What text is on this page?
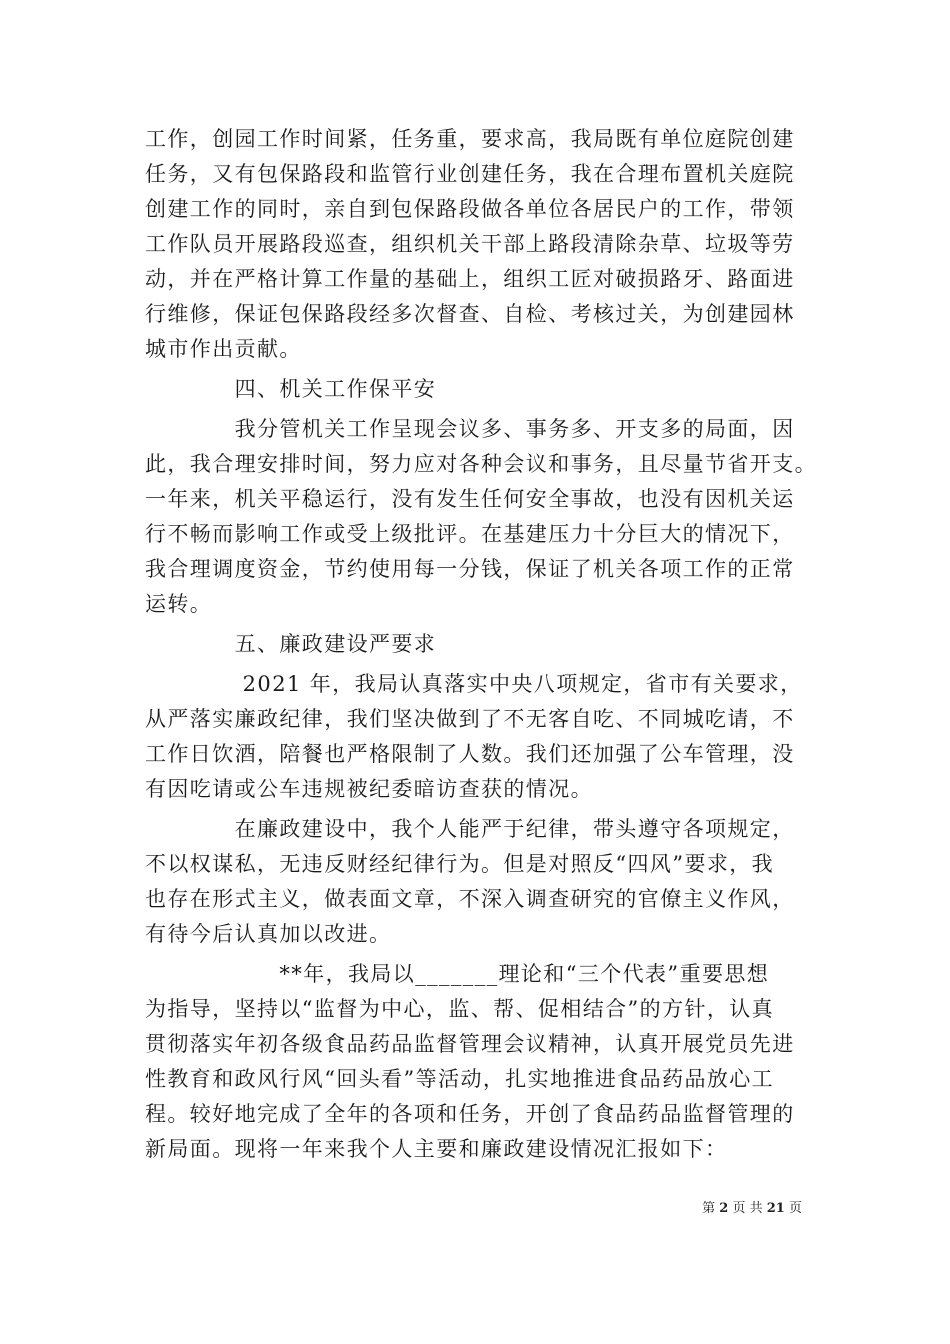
工作，创园工作时间紧，任务重，要求高，我局既有单位庭院创建
任务，又有包保路段和监管行业创建任务，我在合理布置机关庭院
创建工作的同时，亲自到包保路段做各单位各居民户的工作，带领
工作队员开展路段巡查，组织机关干部上路段清除杂草、垃圾等劳
动，并在严格计算工作量的基础上，组织工匠对破损路牙、路面进
行维修，保证包保路段经多次督查、自检、考核过关，为创建园林
城市作出贡献。
　　　　四、机关工作保平安
　　　　我分管机关工作呈现会议多、事务多、开支多的局面，因
此，我合理安排时间，努力应对各种会议和事务，且尽量节省开支。
一年来，机关平稳运行，没有发生任何安全事故，也没有因机关运
行不畅而影响工作或受上级批评。在基建压力十分巨大的情况下，
我合理调度资金，节约使用每一分钱，保证了机关各项工作的正常
运转。
　　　　五、廉政建设严要求
　　　　 2021 年，我局认真落实中央八项规定，省市有关要求，
从严落实廉政纪律，我们坚决做到了不无客自吃、不同城吃请，不
工作日饮酒，陪餐也严格限制了人数。我们还加强了公车管理，没
有因吃请或公车违规被纪委暗访查获的情况。
　　　　在廉政建设中，我个人能严于纪律，带头遵守各项规定，
不以权谋私，无违反财经纪律行为。但是对照反“四风”要求，我
也存在形式主义，做表面文章，不深入调查研究的官僚主义作风，
有待今后认真加以改进。
　　　　　　**年，我局以_______理论和“三个代表”重要思想
为指导，坚持以“监督为中心，监、帮、促相结合”的方针，认真
贯彻落实年初各级食品药品监督管理会议精神，认真开展党员先进
性教育和政风行风“回头看”等活动，扎实地推进食品药品放心工
程。较好地完成了全年的各项和任务，开创了食品药品监督管理的
新局面。现将一年来我个人主要和廉政建设情况汇报如下：
第 2 页 共 21 页
